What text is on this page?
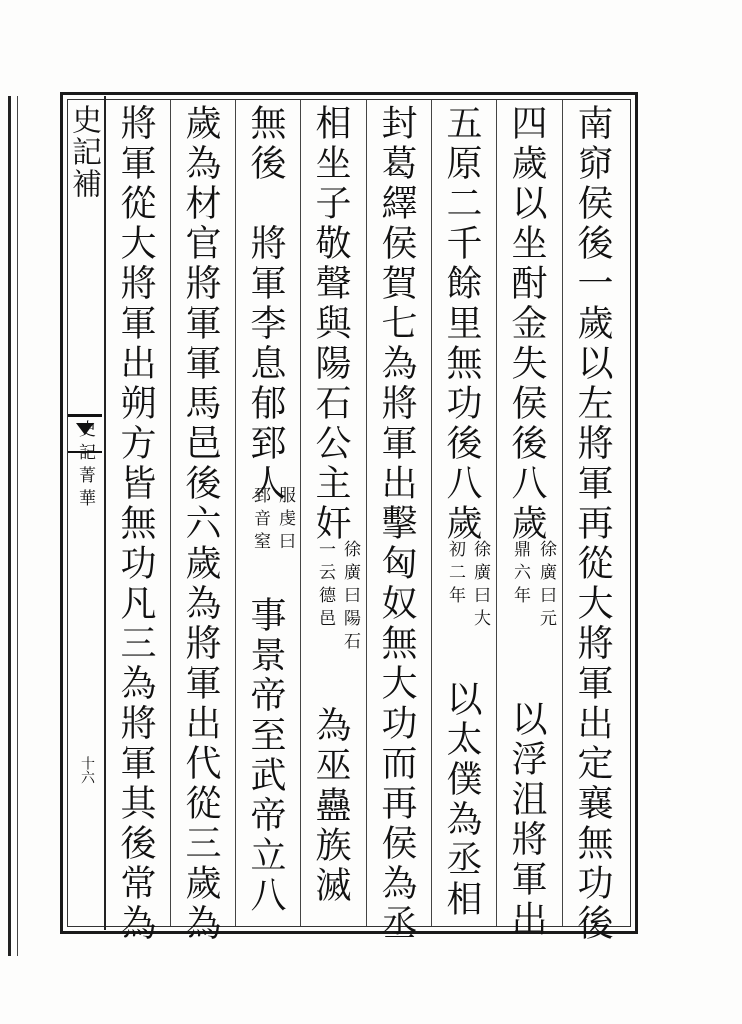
史記補
史記菁華
十六	南窌侯後一歲以左將軍再從大將軍出定襄無功後
四歲以坐酎金失侯後八歲
徐廣曰元
鼎六年
以浮沮將軍出
五原二千餘里無功後八歲
徐廣曰大
初二年
以太僕為丞相
封葛繹侯賀七為將軍出擊匈奴無大功而再侯為丞
相坐子敬聲與陽石公主奸
徐廣曰陽石
一云德邑
為巫蠱族滅
無後　將軍李息郁郅人
服虔曰
郅音窒
事景帝至武帝立八
歲為材官將軍軍馬邑後六歲為將軍出代從三歲為
將軍從大將軍出朔方皆無功凡三為將軍其後常為
